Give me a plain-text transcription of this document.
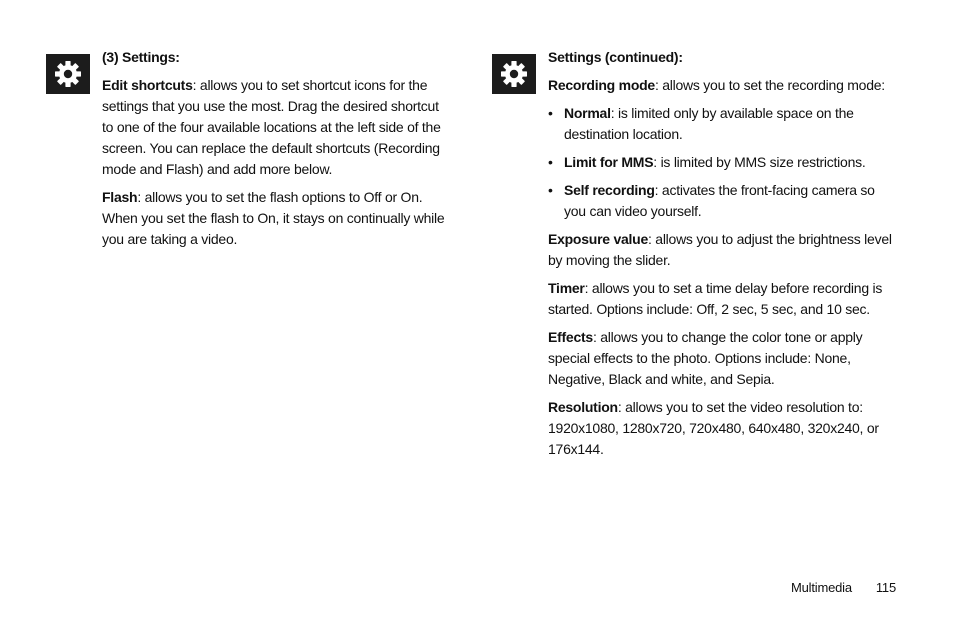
(3) Settings:

Edit shortcuts: allows you to set shortcut icons for the settings that you use the most. Drag the desired shortcut to one of the four available locations at the left side of the screen. You can replace the default shortcuts (Recording mode and Flash) and add more below.

Flash: allows you to set the flash options to Off or On. When you set the flash to On, it stays on continually while you are taking a video.

Settings (continued):

Recording mode: allows you to set the recording mode:

• Normal: is limited only by available space on the destination location.
• Limit for MMS: is limited by MMS size restrictions.
• Self recording: activates the front-facing camera so you can video yourself.

Exposure value: allows you to adjust the brightness level by moving the slider.

Timer: allows you to set a time delay before recording is started. Options include: Off, 2 sec, 5 sec, and 10 sec.

Effects: allows you to change the color tone or apply special effects to the photo. Options include: None, Negative, Black and white, and Sepia.

Resolution: allows you to set the video resolution to: 1920x1080, 1280x720, 720x480, 640x480, 320x240, or 176x144.

Multimedia 115
